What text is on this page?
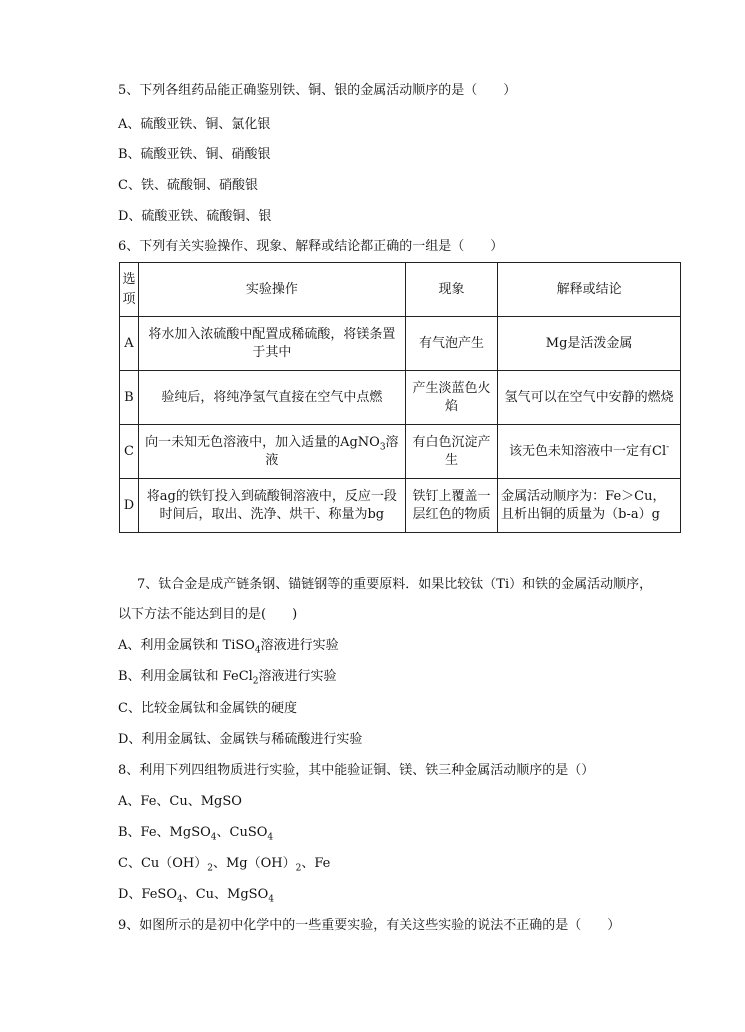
5、下列各组药品能正确鉴别铁、铜、银的金属活动顺序的是（　　）
A、硫酸亚铁、铜、氯化银
B、硫酸亚铁、铜、硝酸银
C、铁、硫酸铜、硝酸银
D、硫酸亚铁、硫酸铜、银
6、下列有关实验操作、现象、解释或结论都正确的一组是（　　）
选项	实验操作	现象	解释或结论
A	将水加入浓硫酸中配置成稀硫酸，将镁条置于其中	有气泡产生	Mg是活泼金属
B	验纯后，将纯净氢气直接在空气中点燃	产生淡蓝色火焰	氢气可以在空气中安静的燃烧
C	向一未知无色溶液中，加入适量的AgNO$_3$溶液	有白色沉淀产生	该无色未知溶液中一定有Cl-
D	将ag的铁钉投入到硫酸铜溶液中，反应一段时间后，取出、洗净、烘干、称量为bg	铁钉上覆盖一层红色的物质	金属活动顺序为：Fe＞Cu，且析出铜的质量为（b-a）g
7、钛合金是成产链条钢、锚链钢等的重要原料．如果比较钛（Ti）和铁的金属活动顺序，
以下方法不能达到目的是(　　)
A、利用金属铁和 TiSO$_4$溶液进行实验
B、利用金属钛和 FeCl$_2$溶液进行实验
C、比较金属钛和金属铁的硬度
D、利用金属钛、金属铁与稀硫酸进行实验
8、利用下列四组物质进行实验，其中能验证铜、镁、铁三种金属活动顺序的是（）
A、Fe、Cu、MgSO
B、Fe、MgSO$_4$、CuSO$_4$
C、$Cu(OH)_2$、$Mg(OH)_2$、Fe
D、FeSO$_4$、Cu、MgSO$_4$
9、如图所示的是初中化学中的一些重要实验，有关这些实验的说法不正确的是（　　）
